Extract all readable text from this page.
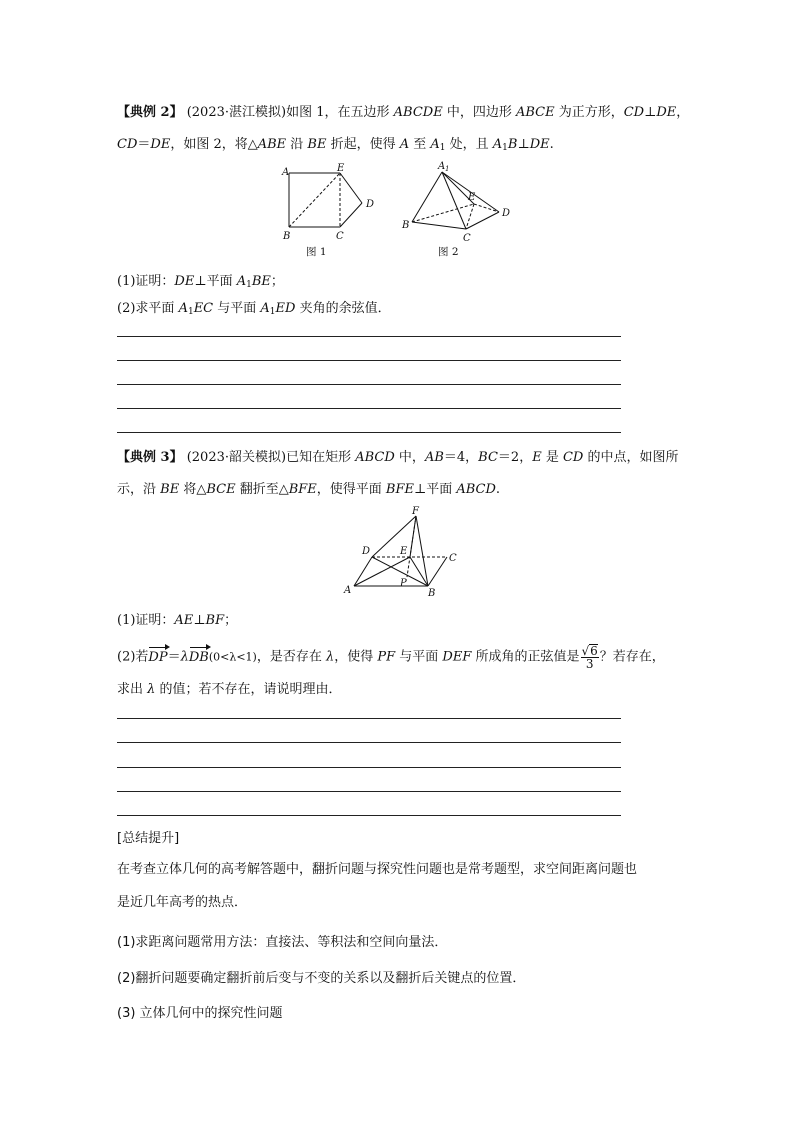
【典例 2】 (2023·湛江模拟)如图 1，在五边形 ABCDE 中，四边形 ABCE 为正方形，CD⊥DE，
CD＝DE，如图 2，将△ABE 沿 BE 折起，使得 A 至 $A_1$ 处，且 $A_1B\perp DE$.
A	E
D
B	C
图 1
A 1
E
D
B
C
图 2
(1)证明：DE⊥平面 $A_1BE$；
(2)求平面 $A_1EC$ 与平面 $A_1ED$ 夹角的余弦值．
【典例 3】 (2023·韶关模拟)已知在矩形 ABCD 中，AB＝4，BC＝2，E 是 CD 的中点，如图所
示，沿 BE 将△BCE 翻折至△BFE，使得平面 BFE⊥平面 ABCD.
F
D	E
C
P
A	B
(1)证明：AE⊥BF；
(2)若DP＝λDB(0<λ<1)，是否存在 λ，使得 PF 与平面 DEF 所成角的正弦值是 $\frac{√6}{3}$ ？若存在，
求出 λ 的值；若不存在，请说明理由．
[总结提升]
在考查立体几何的高考解答题中，翻折问题与探究性问题也是常考题型，求空间距离问题也
是近几年高考的热点．
(1)求距离问题常用方法：直接法、等积法和空间向量法．
(2)翻折问题要确定翻折前后变与不变的关系以及翻折后关键点的位置．
(3) 立体几何中的探究性问题
